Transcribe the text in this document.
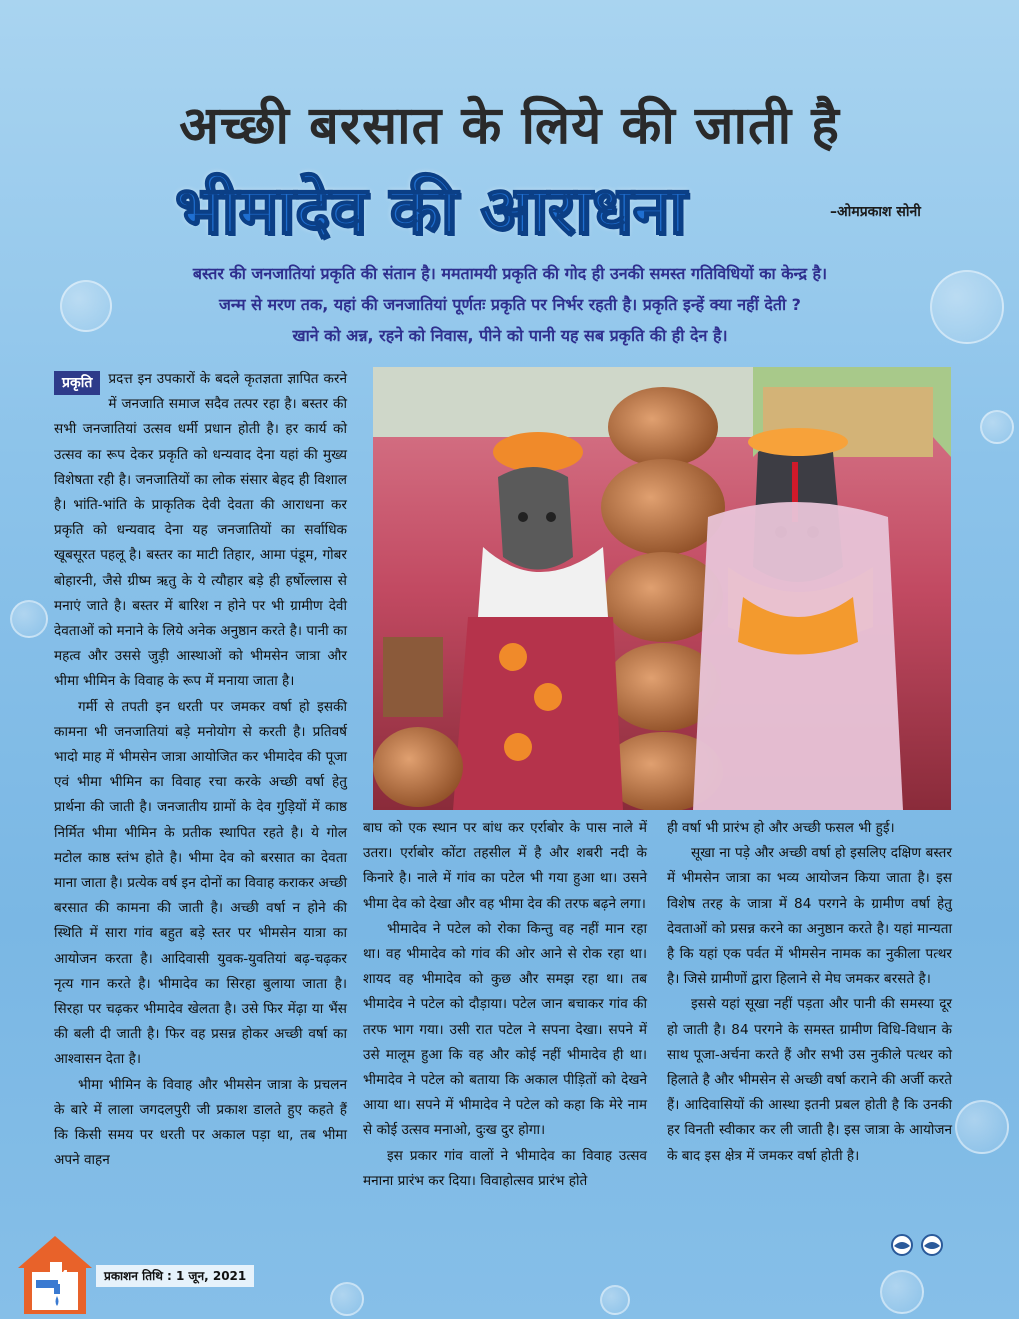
अच्छी बरसात के लिये की जाती है
भीमादेव की आराधना	–ओमप्रकाश सोनी
बस्तर की जनजातियां प्रकृति की संतान है। ममतामयी प्रकृति की गोद ही उनकी समस्त गतिविधियों का केन्द्र है।
जन्म से मरण तक, यहां की जनजातियां पूर्णतः प्रकृति पर निर्भर रहती है। प्रकृति इन्हें क्या नहीं देती ?
खाने को अन्न, रहने को निवास, पीने को पानी यह सब प्रकृति की ही देन है।

प्रकृति	प्रदत्त इन उपकारों के बदले कृतज्ञता ज्ञापित करने में जनजाति समाज सदैव तत्पर रहा है। बस्तर की सभी जनजातियां उत्सव धर्मी प्रधान होती है। हर कार्य को उत्सव का रूप देकर प्रकृति को धन्यवाद देना यहां की मुख्य विशेषता रही है। जनजातियों का लोक संसार बेहद ही विशाल है। भांति-भांति के प्राकृतिक देवी देवता की आराधना कर प्रकृति को धन्यवाद देना यह जनजातियों का सर्वाधिक खूबसूरत पहलू है। बस्तर का माटी तिहार, आमा पंडूम, गोबर बोहारनी, जैसे ग्रीष्म ऋतु के ये त्यौहार बड़े ही हर्षोल्लास से मनाएं जाते है। बस्तर में बारिश न होने पर भी ग्रामीण देवी देवताओं को मनाने के लिये अनेक अनुष्ठान करते है। पानी का महत्व और उससे जुड़ी आस्थाओं को भीमसेन जात्रा और भीमा भीमिन के विवाह के रूप में मनाया जाता है।

गर्मी से तपती इन धरती पर जमकर वर्षा हो इसकी कामना भी जनजातियां बड़े मनोयोग से करती है। प्रतिवर्ष भादो माह में भीमसेन जात्रा आयोजित कर भीमादेव की पूजा एवं भीमा भीमिन का विवाह रचा करके अच्छी वर्षा हेतु प्रार्थना की जाती है। जनजातीय ग्रामों के देव गुड़ियों में काष्ठ निर्मित भीमा भीमिन के प्रतीक स्थापित रहते है। ये गोल मटोल काष्ठ स्तंभ होते है। भीमा देव को बरसात का देवता माना जाता है। प्रत्येक वर्ष इन दोनों का विवाह कराकर अच्छी बरसात की कामना की जाती है। अच्छी वर्षा न होने की स्थिति में सारा गांव बहुत बड़े स्तर पर भीमसेन यात्रा का आयोजन करता है। आदिवासी युवक-युवतियां बढ़-चढ़कर नृत्य गान करते है। भीमादेव का सिरहा बुलाया जाता है। सिरहा पर चढ़कर भीमादेव खेलता है। उसे फिर मेंढ़ा या भैंस की बली दी जाती है। फिर वह प्रसन्न होकर अच्छी वर्षा का आश्वासन देता है।

भीमा भीमिन के विवाह और भीमसेन जात्रा के प्रचलन के बारे में लाला जगदलपुरी जी प्रकाश डालते हुए कहते हैं कि किसी समय पर धरती पर अकाल पड़ा था, तब भीमा अपने वाहन

बाघ को एक स्थान पर बांध कर एर्राबोर के पास नाले में उतरा। एर्राबोर कोंटा तहसील में है और शबरी नदी के किनारे है। नाले में गांव का पटेल भी गया हुआ था। उसने भीमा देव को देखा और वह भीमा देव की तरफ बढ़ने लगा।

भीमादेव ने पटेल को रोका किन्तु वह नहीं मान रहा था। वह भीमादेव को गांव की ओर आने से रोक रहा था। शायद वह भीमादेव को कुछ और समझ रहा था। तब भीमादेव ने पटेल को दौड़ाया। पटेल जान बचाकर गांव की तरफ भाग गया। उसी रात पटेल ने सपना देखा। सपने में उसे मालूम हुआ कि वह और कोई नहीं भीमादेव ही था। भीमादेव ने पटेल को बताया कि अकाल पीड़ितों को देखने आया था। सपने में भीमादेव ने पटेल को कहा कि मेरे नाम से कोई उत्सव मनाओ, दुःख दुर होगा।

इस प्रकार गांव वालों ने भीमादेव का विवाह उत्सव मनाना प्रारंभ कर दिया। विवाहोत्सव प्रारंभ होते

ही वर्षा भी प्रारंभ हो और अच्छी फसल भी हुई।

सूखा ना पड़े और अच्छी वर्षा हो इसलिए दक्षिण बस्तर में भीमसेन जात्रा का भव्य आयोजन किया जाता है। इस विशेष तरह के जात्रा में 84 परगने के ग्रामीण वर्षा हेतु देवताओं को प्रसन्न करने का अनुष्ठान करते है। यहां मान्यता है कि यहां एक पर्वत में भीमसेन नामक का नुकीला पत्थर है। जिसे ग्रामीणों द्वारा हिलाने से मेघ जमकर बरसते है।

इससे यहां सूखा नहीं पड़ता और पानी की समस्या दूर हो जाती है। 84 परगने के समस्त ग्रामीण विधि-विधान के साथ पूजा-अर्चना करते हैं और सभी उस नुकीले पत्थर को हिलाते है और भीमसेन से अच्छी वर्षा कराने की अर्जी करते हैं। आदिवासियों की आस्था इतनी प्रबल होती है कि उनकी हर विनती स्वीकार कर ली जाती है। इस जात्रा के आयोजन के बाद इस क्षेत्र में जमकर वर्षा होती है।

14	प्रकाशन तिथि : 1 जून, 2021
